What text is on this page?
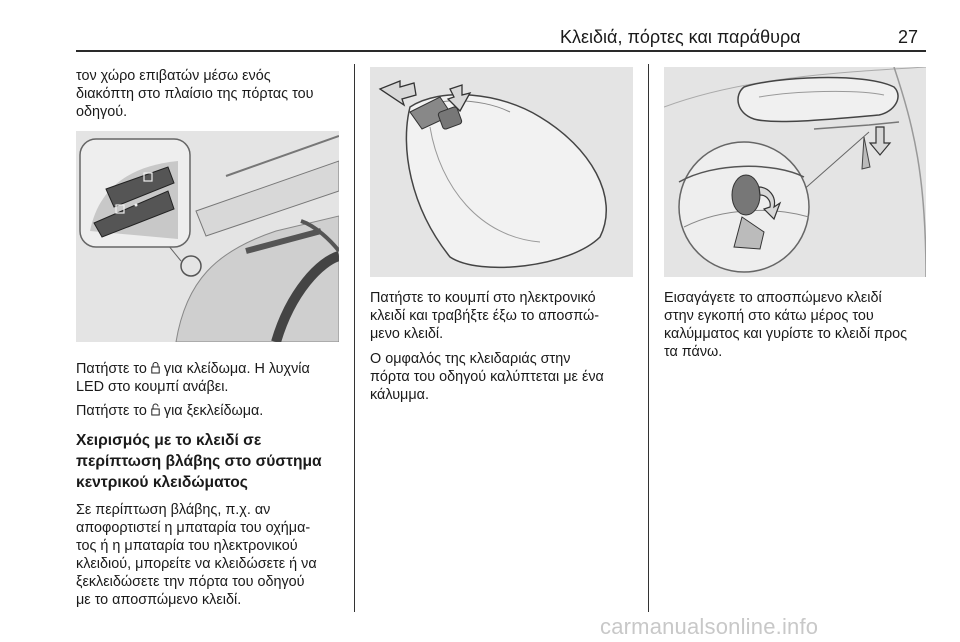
Κλειδιά, πόρτες και παράθυρα	27
τον χώρο επιβατών μέσω ενός
διακόπτη στο πλαίσιο της πόρτας του
οδηγού.
Πατήστε το για κλείδωμα. Η λυχνία
LED στο κουμπί ανάβει.
Πατήστε το για ξεκλείδωμα.
Χειρισμός με το κλειδί σε
περίπτωση βλάβης στο σύστημα
κεντρικού κλειδώματος
Σε περίπτωση βλάβης, π.χ. αν
αποφορτιστεί η μπαταρία του οχήμα-
τος ή η μπαταρία του ηλεκτρονικού
κλειδιού, μπορείτε να κλειδώσετε ή να
ξεκλειδώσετε την πόρτα του οδηγού
με το αποσπώμενο κλειδί.
Πατήστε το κουμπί στο ηλεκτρονικό
κλειδί και τραβήξτε έξω το αποσπώ-
μενο κλειδί.
Ο ομφαλός της κλειδαριάς στην
πόρτα του οδηγού καλύπτεται με ένα
κάλυμμα.
Εισαγάγετε το αποσπώμενο κλειδί
στην εγκοπή στο κάτω μέρος του
καλύμματος και γυρίστε το κλειδί προς
τα πάνω.
carmanualsonline.info
